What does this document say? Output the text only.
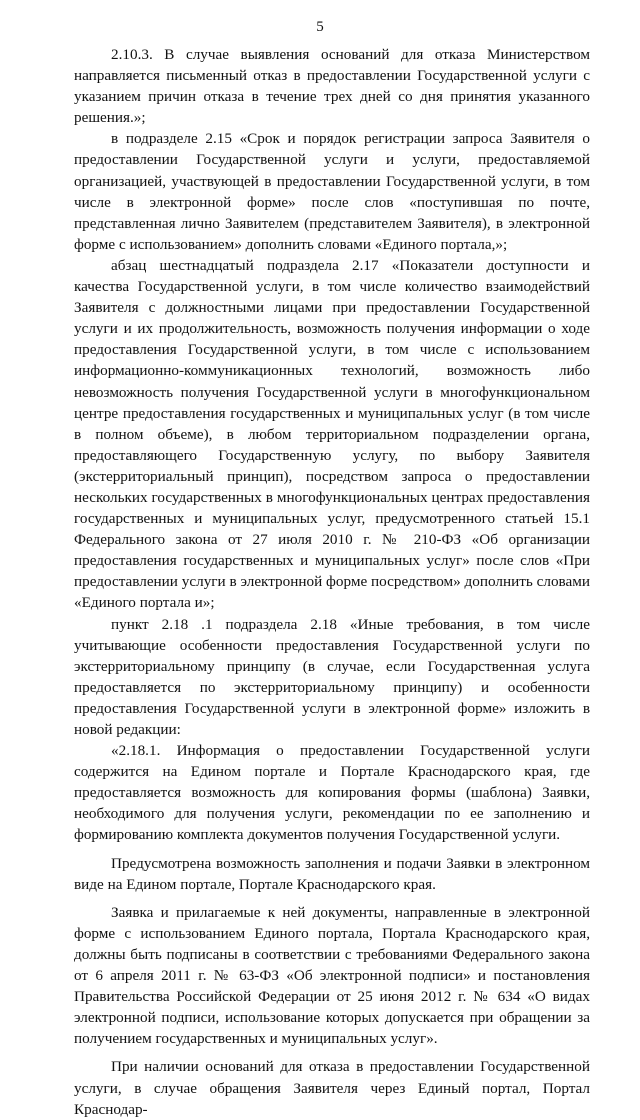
5

2.10.3. В случае выявления оснований для отказа Министерством направляется письменный отказ в предоставлении Государственной услуги с указанием причин отказа в течение трех дней со дня принятия указанного решения.»;

в подразделе 2.15 «Срок и порядок регистрации запроса Заявителя о предоставлении Государственной услуги и услуги, предоставляемой организацией, участвующей в предоставлении Государственной услуги, в том числе в электронной форме» после слов «поступившая по почте, представленная лично Заявителем (представителем Заявителя), в электронной форме с использованием» дополнить словами «Единого портала,»;

абзац шестнадцатый подраздела 2.17 «Показатели доступности и качества Государственной услуги, в том числе количество взаимодействий Заявителя с должностными лицами при предоставлении Государственной услуги и их продолжительность, возможность получения информации о ходе предоставления Государственной услуги, в том числе с использованием информационно-коммуникационных технологий, возможность либо невозможность получения Государственной услуги в многофункциональном центре предоставления государственных и муниципальных услуг (в том числе в полном объеме), в любом территориальном подразделении органа, предоставляющего Государственную услугу, по выбору Заявителя (экстерриториальный принцип), посредством запроса о предоставлении нескольких государственных в многофункциональных центрах предоставления государственных и муниципальных услуг, предусмотренного статьей 15.1 Федерального закона от 27 июля 2010 г. № 210-ФЗ «Об организации предоставления государственных и муниципальных услуг» после слов «При предоставлении услуги в электронной форме посредством» дополнить словами «Единого портала и»;

пункт 2.18 .1 подраздела 2.18 «Иные требования, в том числе учитывающие особенности предоставления Государственной услуги по экстерриториальному принципу (в случае, если Государственная услуга предоставляется по экстерриториальному принципу) и особенности предоставления Государственной услуги в электронной форме» изложить в новой редакции:

«2.18.1. Информация о предоставлении Государственной услуги содержится на Едином портале и Портале Краснодарского края, где предоставляется возможность для копирования формы (шаблона) Заявки, необходимого для получения услуги, рекомендации по ее заполнению и формированию комплекта документов получения Государственной услуги.

Предусмотрена возможность заполнения и подачи Заявки в электронном виде на Едином портале, Портале Краснодарского края.

Заявка и прилагаемые к ней документы, направленные в электронной форме с использованием Единого портала, Портала Краснодарского края, должны быть подписаны в соответствии с требованиями Федерального закона от 6 апреля 2011 г. № 63-ФЗ «Об электронной подписи» и постановления Правительства Российской Федерации от 25 июня 2012 г. № 634 «О видах электронной подписи, использование которых допускается при обращении за получением государственных и муниципальных услуг».

При наличии оснований для отказа в предоставлении Государственной услуги, в случае обращения Заявителя через Единый портал, Портал Краснодар-
